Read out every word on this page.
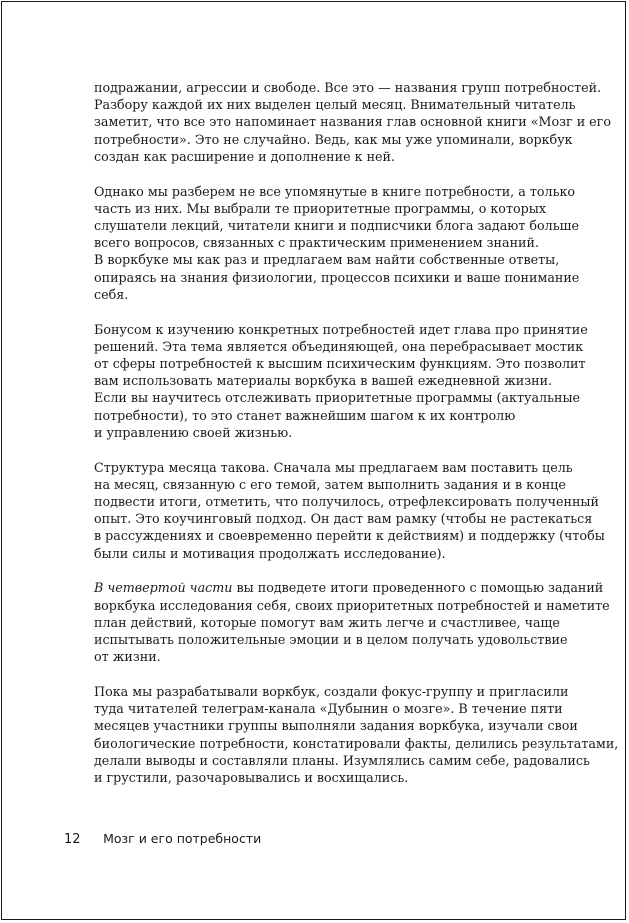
подражании, агрессии и свободе. Все это — названия групп потребностей.
Разбору каждой их них выделен целый месяц. Внимательный читатель
заметит, что все это напоминает названия глав основной книги «Мозг и его
потребности». Это не случайно. Ведь, как мы уже упоминали, воркбук
создан как расширение и дополнение к ней.

Однако мы разберем не все упомянутые в книге потребности, а только
часть из них. Мы выбрали те приоритетные программы, о которых
слушатели лекций, читатели книги и подписчики блога задают больше
всего вопросов, связанных с практическим применением знаний.
В воркбуке мы как раз и предлагаем вам найти собственные ответы,
опираясь на знания физиологии, процессов психики и ваше понимание
себя.

Бонусом к изучению конкретных потребностей идет глава про принятие
решений. Эта тема является объединяющей, она перебрасывает мостик
от сферы потребностей к высшим психическим функциям. Это позволит
вам использовать материалы воркбука в вашей ежедневной жизни.
Если вы научитесь отслеживать приоритетные программы (актуальные
потребности), то это станет важнейшим шагом к их контролю
и управлению своей жизнью.

Структура месяца такова. Сначала мы предлагаем вам поставить цель
на месяц, связанную с его темой, затем выполнить задания и в конце
подвести итоги, отметить, что получилось, отрефлексировать полученный
опыт. Это коучинговый подход. Он даст вам рамку (чтобы не растекаться
в рассуждениях и своевременно перейти к действиям) и поддержку (чтобы
были силы и мотивация продолжать исследование).

В четвертой части вы подведете итоги проведенного с помощью заданий
воркбука исследования себя, своих приоритетных потребностей и наметите
план действий, которые помогут вам жить легче и счастливее, чаще
испытывать положительные эмоции и в целом получать удовольствие
от жизни.

Пока мы разрабатывали воркбук, создали фокус-группу и пригласили
туда читателей телеграм-канала «Дубынин о мозге». В течение пяти
месяцев участники группы выполняли задания воркбука, изучали свои
биологические потребности, констатировали факты, делились результатами,
делали выводы и составляли планы. Изумлялись самим себе, радовались
и грустили, разочаровывались и восхищались.

12 Мозг и его потребности
